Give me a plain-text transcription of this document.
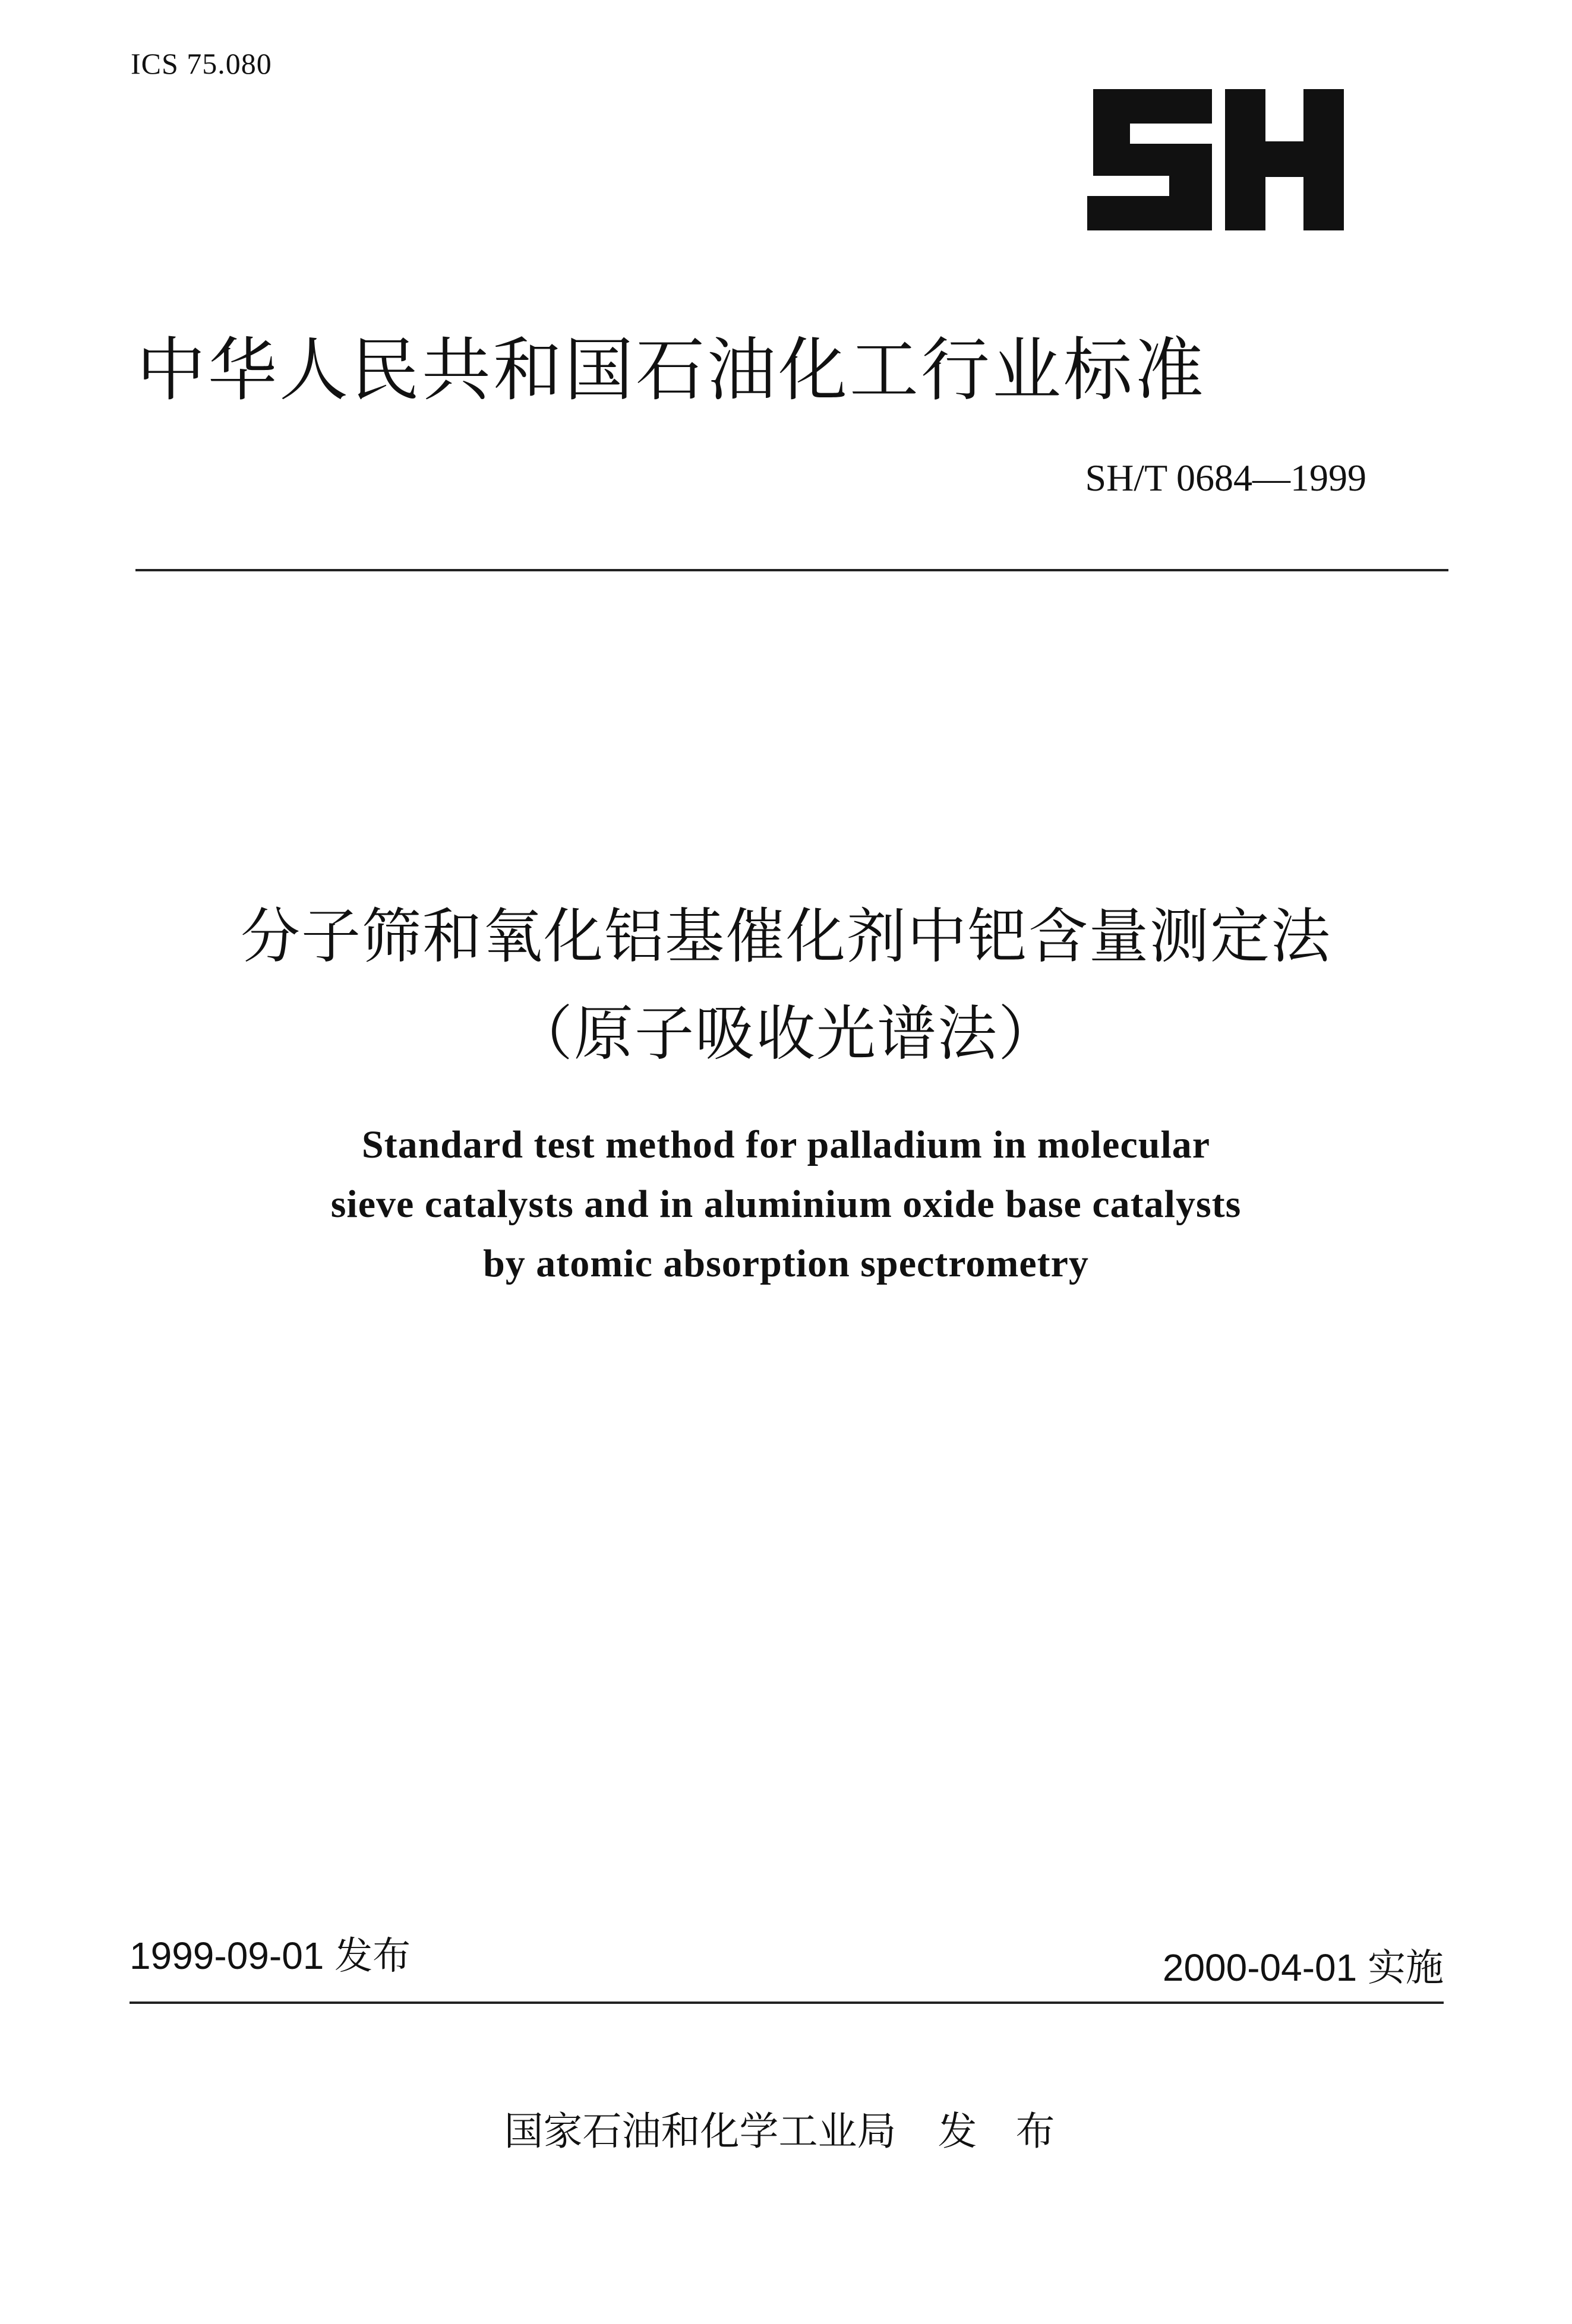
ICS 75.080
中华人民共和国石油化工行业标准
SH/T 0684—1999
分子筛和氧化铝基催化剂中钯含量测定法
（原子吸收光谱法）
Standard test method for palladium in molecular
sieve catalysts and in aluminium oxide base catalysts
by atomic absorption spectrometry
1999-09-01 发布	2000-04-01 实施
国家石油和化学工业局 发 布
